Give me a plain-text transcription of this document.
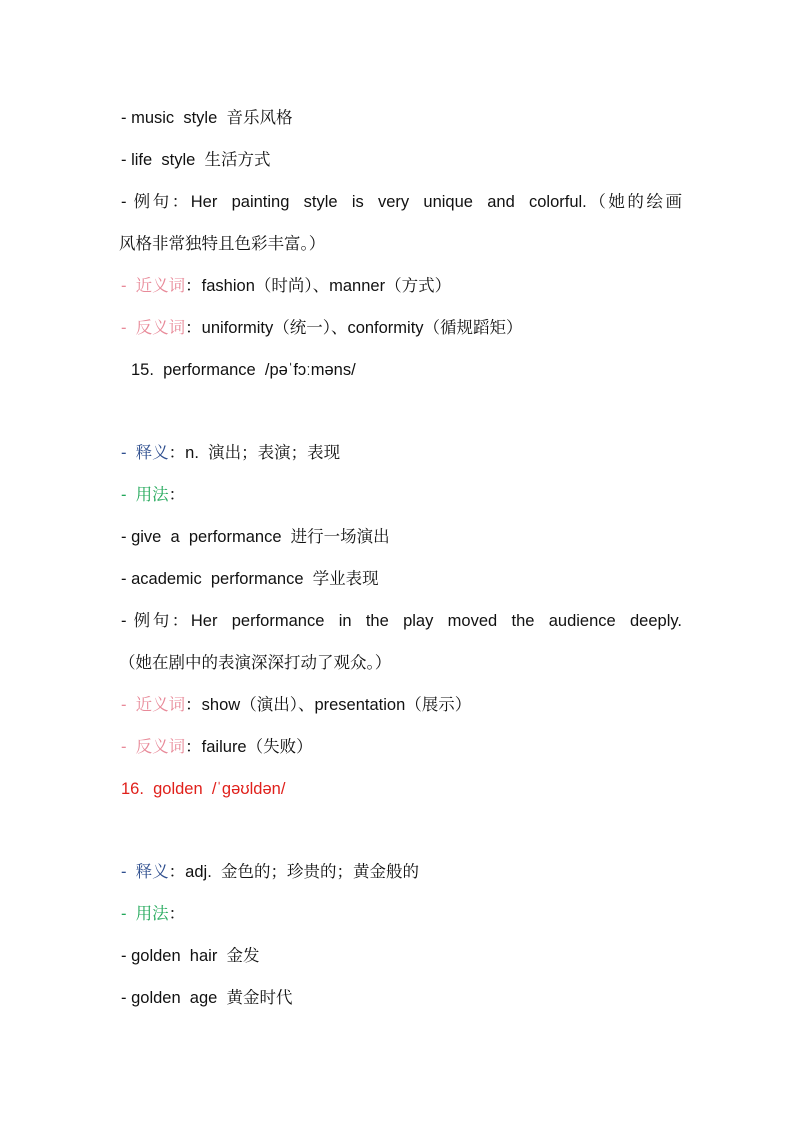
- music  style  音乐风格
- life  style  生活方式
- 例句：Her  painting  style  is  very  unique  and  colorful.（她的绘画
风格非常独特且色彩丰富。）
-  近义词：fashion（时尚）、manner（方式）
-  反义词：uniformity（统一）、conformity（循规蹈矩）
15.  performance  /pəˈfɔːməns/
-  释义：n.  演出；表演；表现
-  用法：
- give  a  performance  进行一场演出
- academic  performance  学业表现
- 例句：Her  performance  in  the  play  moved  the  audience  deeply.
（她在剧中的表演深深打动了观众。）
-  近义词：show（演出）、presentation（展示）
-  反义词：failure（失败）
16.  golden  /ˈɡəʊldən/
-  释义：adj.  金色的；珍贵的；黄金般的
-  用法：
- golden  hair  金发
- golden  age  黄金时代
